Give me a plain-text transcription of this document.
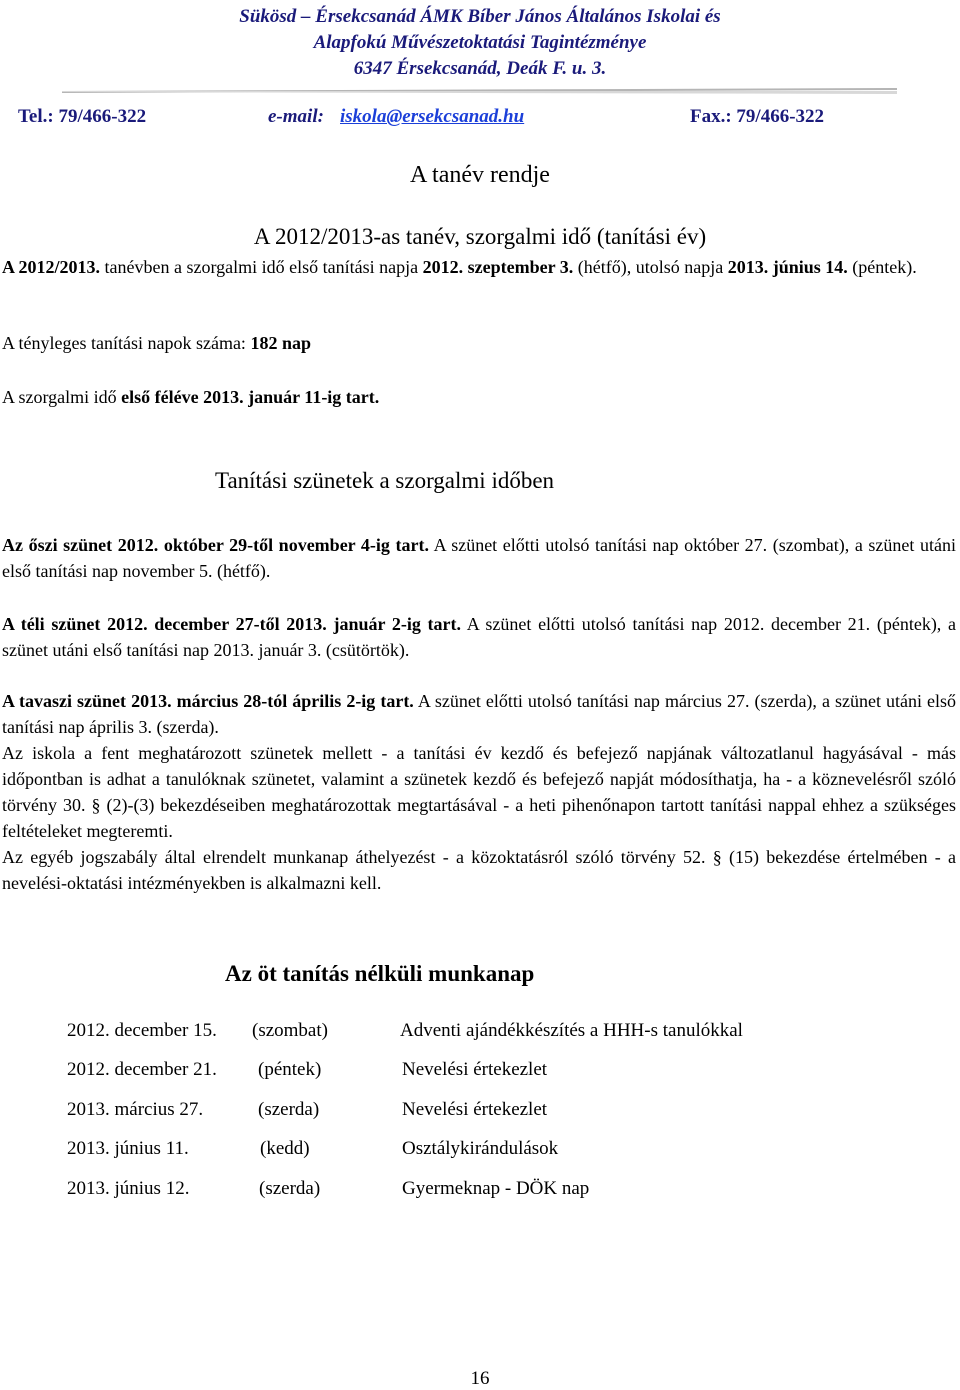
Sükösd – Érsekcsanád ÁMK Bíber János Általános Iskolai és
Alapfokú Művészetoktatási Tagintézménye
6347 Érsekcsanád, Deák F. u. 3.
Tel.: 79/466-322	e-mail: iskola@ersekcsanad.hu	Fax.: 79/466-322
A tanév rendje
A 2012/2013-as tanév, szorgalmi idő (tanítási év)
A 2012/2013. tanévben a szorgalmi idő első tanítási napja 2012. szeptember 3. (hétfő), utolsó napja 2013. június 14. (péntek).
A tényleges tanítási napok száma: 182 nap
A szorgalmi idő első féléve 2013. január 11-ig tart.
Tanítási szünetek a szorgalmi időben
Az őszi szünet 2012. október 29-től november 4-ig tart. A szünet előtti utolsó tanítási nap október 27. (szombat), a szünet utáni első tanítási nap november 5. (hétfő).
A téli szünet 2012. december 27-től 2013. január 2-ig tart. A szünet előtti utolsó tanítási nap 2012. december 21. (péntek), a szünet utáni első tanítási nap 2013. január 3. (csütörtök).
A tavaszi szünet 2013. március 28-tól április 2-ig tart. A szünet előtti utolsó tanítási nap március 27. (szerda), a szünet utáni első tanítási nap április 3. (szerda).
Az iskola a fent meghatározott szünetek mellett - a tanítási év kezdő és befejező napjának változatlanul hagyásával - más időpontban is adhat a tanulóknak szünetet, valamint a szünetek kezdő és befejező napját módosíthatja, ha - a köznevelésről szóló törvény 30. § (2)-(3) bekezdéseiben meghatározottak megtartásával - a heti pihenőnapon tartott tanítási nappal ehhez a szükséges feltételeket megteremti.
Az egyéb jogszabály által elrendelt munkanap áthelyezést - a közoktatásról szóló törvény 52. § (15) bekezdése értelmében - a nevelési-oktatási intézményekben is alkalmazni kell.
Az öt tanítás nélküli munkanap
2012. december 15. (szombat)	Adventi ajándékkészítés a HHH-s tanulókkal
2012. december 21. (péntek)	Nevelési értekezlet
2013. március 27.	(szerda)	Nevelési értekezlet
2013. június 11.	(kedd)	Osztálykirándulások
2013. június 12.	(szerda)	Gyermeknap - DÖK nap
16
